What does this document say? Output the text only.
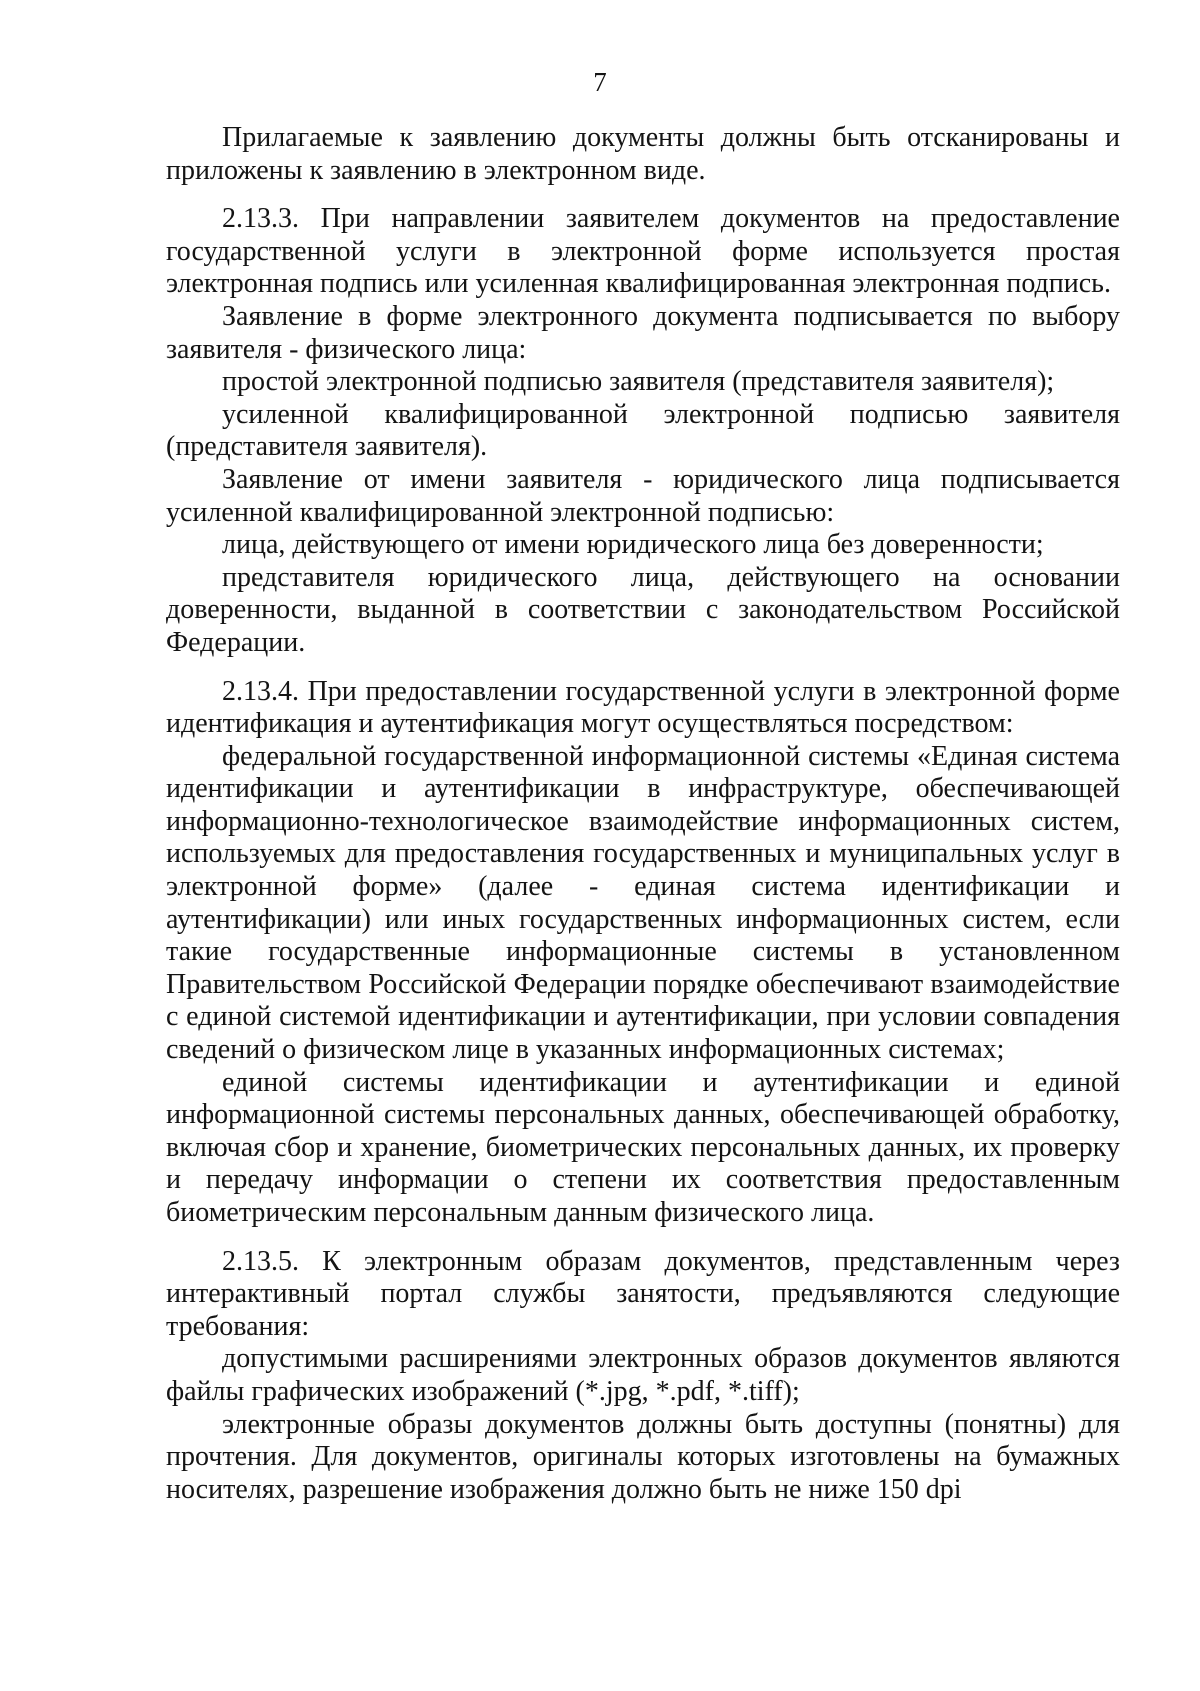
7

Прилагаемые к заявлению документы должны быть отсканированы и приложены к заявлению в электронном виде.

2.13.3. При направлении заявителем документов на предоставление государственной услуги в электронной форме используется простая электронная подпись или усиленная квалифицированная электронная подпись.

Заявление в форме электронного документа подписывается по выбору заявителя - физического лица:

простой электронной подписью заявителя (представителя заявителя);

усиленной квалифицированной электронной подписью заявителя (представителя заявителя).

Заявление от имени заявителя - юридического лица подписывается усиленной квалифицированной электронной подписью:

лица, действующего от имени юридического лица без доверенности;

представителя юридического лица, действующего на основании доверенности, выданной в соответствии с законодательством Российской Федерации.

2.13.4. При предоставлении государственной услуги в электронной форме идентификация и аутентификация могут осуществляться посредством:

федеральной государственной информационной системы «Единая система идентификации и аутентификации в инфраструктуре, обеспечивающей информационно-технологическое взаимодействие информационных систем, используемых для предоставления государственных и муниципальных услуг в электронной форме» (далее - единая система идентификации и аутентификации) или иных государственных информационных систем, если такие государственные информационные системы в установленном Правительством Российской Федерации порядке обеспечивают взаимодействие с единой системой идентификации и аутентификации, при условии совпадения сведений о физическом лице в указанных информационных системах;

единой системы идентификации и аутентификации и единой информационной системы персональных данных, обеспечивающей обработку, включая сбор и хранение, биометрических персональных данных, их проверку и передачу информации о степени их соответствия предоставленным биометрическим персональным данным физического лица.

2.13.5. К электронным образам документов, представленным через интерактивный портал службы занятости, предъявляются следующие требования:

допустимыми расширениями электронных образов документов являются файлы графических изображений (*.jpg, *.pdf, *.tiff);

электронные образы документов должны быть доступны (понятны) для прочтения. Для документов, оригиналы которых изготовлены на бумажных носителях, разрешение изображения должно быть не ниже 150 dpi
